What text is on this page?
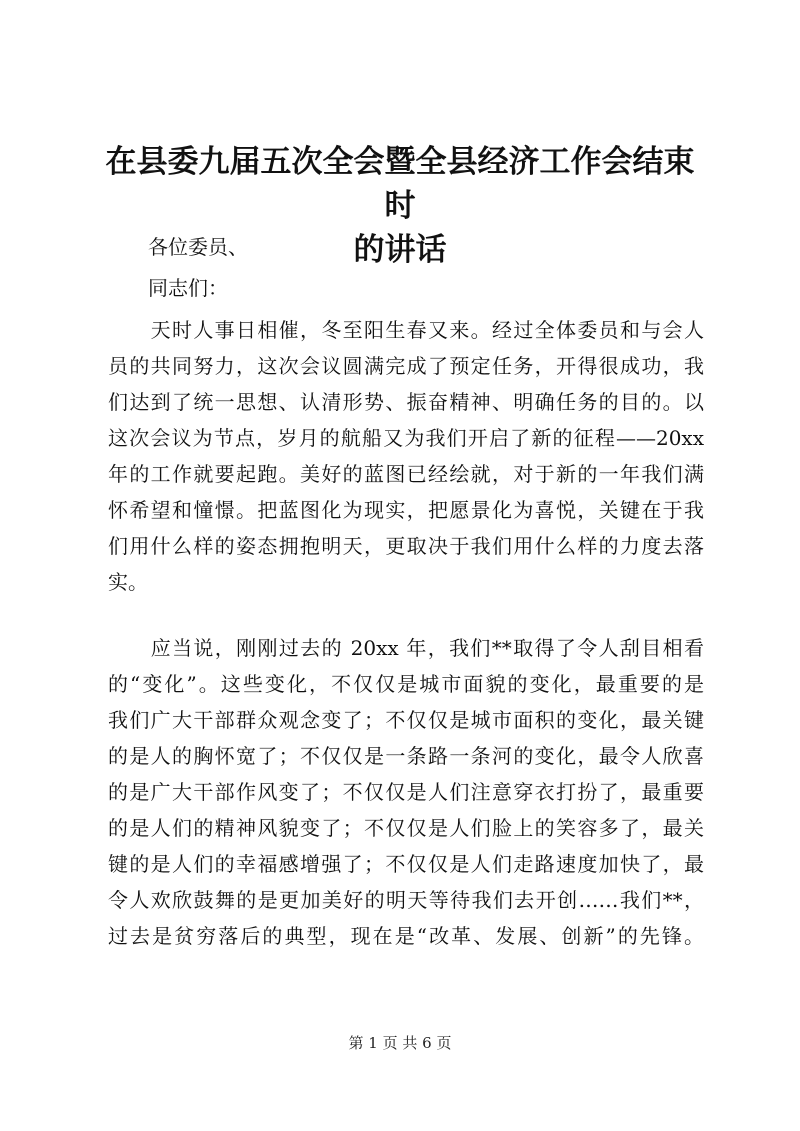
在县委九届五次全会暨全县经济工作会结束时
的讲话

各位委员、

同志们：

　　天时人事日相催，冬至阳生春又来。经过全体委员和与会人
员的共同努力，这次会议圆满完成了预定任务，开得很成功，我
们达到了统一思想、认清形势、振奋精神、明确任务的目的。以
这次会议为节点，岁月的航船又为我们开启了新的征程——20xx
年的工作就要起跑。美好的蓝图已经绘就，对于新的一年我们满
怀希望和憧憬。把蓝图化为现实，把愿景化为喜悦，关键在于我
们用什么样的姿态拥抱明天，更取决于我们用什么样的力度去落
实。
　　应当说，刚刚过去的 20xx 年，我们**取得了令人刮目相看
的“变化”。这些变化，不仅仅是城市面貌的变化，最重要的是
我们广大干部群众观念变了；不仅仅是城市面积的变化，最关键
的是人的胸怀宽了；不仅仅是一条路一条河的变化，最令人欣喜
的是广大干部作风变了；不仅仅是人们注意穿衣打扮了，最重要
的是人们的精神风貌变了；不仅仅是人们脸上的笑容多了，最关
键的是人们的幸福感增强了；不仅仅是人们走路速度加快了，最
令人欢欣鼓舞的是更加美好的明天等待我们去开创……我们**，
过去是贫穷落后的典型，现在是“改革、发展、创新”的先锋。
第 1 页 共 6 页
